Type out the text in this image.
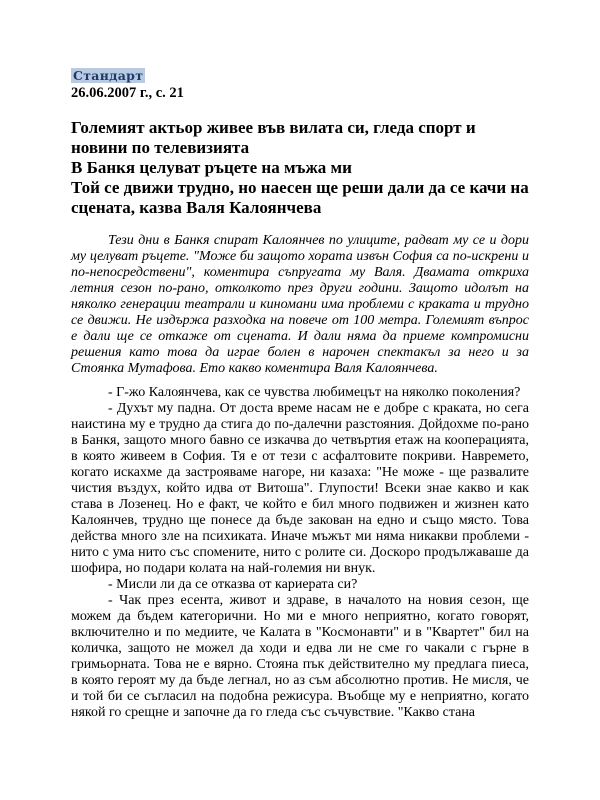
Стандарт
26.06.2007 г., с. 21
Големият актьор живее във вилата си, гледа спорт и новини по телевизията
В Банкя целуват ръцете на мъжа ми
Той се движи трудно, но наесен ще реши дали да се качи на сцената, казва Валя Калоянчева

Тези дни в Банкя спират Калоянчев по улиците, радват му се и дори му целуват ръцете. "Може би защото хората извън София са по-искрени и по-непосредствени", коментира съпругата му Валя. Двамата откриха летния сезон по-рано, отколкото през други години. Защото идолът на няколко генерации театрали и киномани има проблеми с краката и трудно се движи. Не издържа разходка на повече от 100 метра. Големият въпрос е дали ще се откаже от сцената. И дали няма да приеме компромисни решения като това да играе болен в нарочен спектакъл за него и за Стоянка Мутафова. Ето какво коментира Валя Калоянчева.

- Г-жо Калоянчева, как се чувства любимецът на няколко поколения?

- Духът му падна. От доста време насам не е добре с краката, но сега наистина му е трудно да стига до по-далечни разстояния. Дойдохме по-рано в Банкя, защото много бавно се изкачва до четвъртия етаж на кооперацията, в която живеем в София. Тя е от тези с асфалтовите покриви. Навремето, когато искахме да застрояваме нагоре, ни казаха: "Не може - ще развалите чистия въздух, който идва от Витоша". Глупости! Всеки знае какво и как става в Лозенец. Но е факт, че който е бил много подвижен и жизнен като Калоянчев, трудно ще понесе да бъде закован на едно и също място. Това действа много зле на психиката. Иначе мъжът ми няма никакви проблеми - нито с ума нито със спомените, нито с ролите си. Доскоро продължаваше да шофира, но подари колата на най-големия ни внук.

- Мисли ли да се отказва от кариерата си?

- Чак през есента, живот и здраве, в началото на новия сезон, ще можем да бъдем категорични. Но ми е много неприятно, когато говорят, включително и по медиите, че Калата в "Космонавти" и в "Квартет" бил на количка, защото не можел да ходи и едва ли не сме го чакали с гърне в гримьорната. Това не е вярно. Стояна пък действително му предлага пиеса, в която героят му да бъде легнал, но аз съм абсолютно против. Не мисля, че и той би се съгласил на подобна режисура. Въобще му е неприятно, когато някой го срещне и започне да го гледа със съчувствие. "Какво стана
